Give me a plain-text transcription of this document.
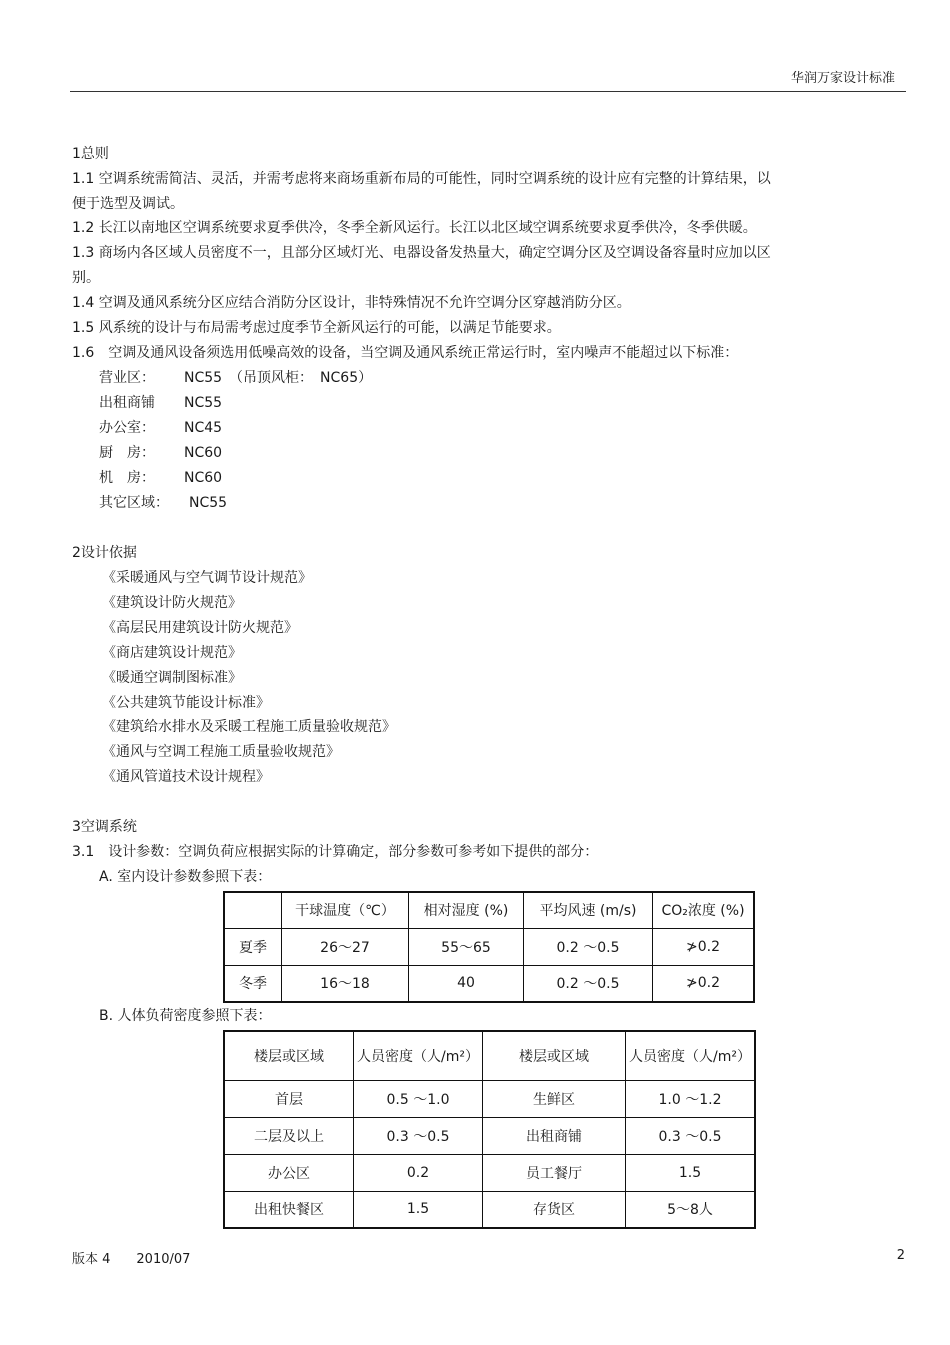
华润万家设计标准
1总则
1.1 空调系统需简洁、灵活，并需考虑将来商场重新布局的可能性，同时空调系统的设计应有完整的计算结果，以
便于选型及调试。
1.2 长江以南地区空调系统要求夏季供冷，冬季全新风运行。长江以北区域空调系统要求夏季供冷，冬季供暖。
1.3 商场内各区域人员密度不一，且部分区域灯光、电器设备发热量大，确定空调分区及空调设备容量时应加以区
别。
1.4 空调及通风系统分区应结合消防分区设计，非特殊情况不允许空调分区穿越消防分区。
1.5 风系统的设计与布局需考虑过度季节全新风运行的可能，以满足节能要求。
1.6　空调及通风设备须选用低噪高效的设备，当空调及通风系统正常运行时，室内噪声不能超过以下标准：
营业区： NC55　（吊顶风柜：　NC65）
出租商铺 NC55
办公室： NC45
厨　房： NC60
机　房： NC60
其它区域： NC55
2设计依据
《采暖通风与空气调节设计规范》
《建筑设计防火规范》
《高层民用建筑设计防火规范》
《商店建筑设计规范》
《暖通空调制图标准》
《公共建筑节能设计标准》
《建筑给水排水及采暖工程施工质量验收规范》
《通风与空调工程施工质量验收规范》
《通风管道技术设计规程》
3空调系统
3.1　设计参数：空调负荷应根据实际的计算确定，部分参数可参考如下提供的部分：
A. 室内设计参数参照下表：
	干球温度（℃）	相对湿度 (%)	平均风速 (m/s)	CO₂浓度 (%)
夏季	26～27	55～65	0.2 ～0.5	≯0.2
冬季	16～18	40	0.2 ～0.5	≯0.2
B. 人体负荷密度参照下表：
楼层或区域	人员密度（人/m²）	楼层或区域	人员密度（人/m²）
首层	0.5 ～1.0	生鲜区	1.0 ～1.2
二层及以上	0.3 ～0.5	出租商铺	0.3 ～0.5
办公区	0.2	员工餐厅	1.5
出租快餐区	1.5	存货区	5～8人
版本 4　　2010/07	2
